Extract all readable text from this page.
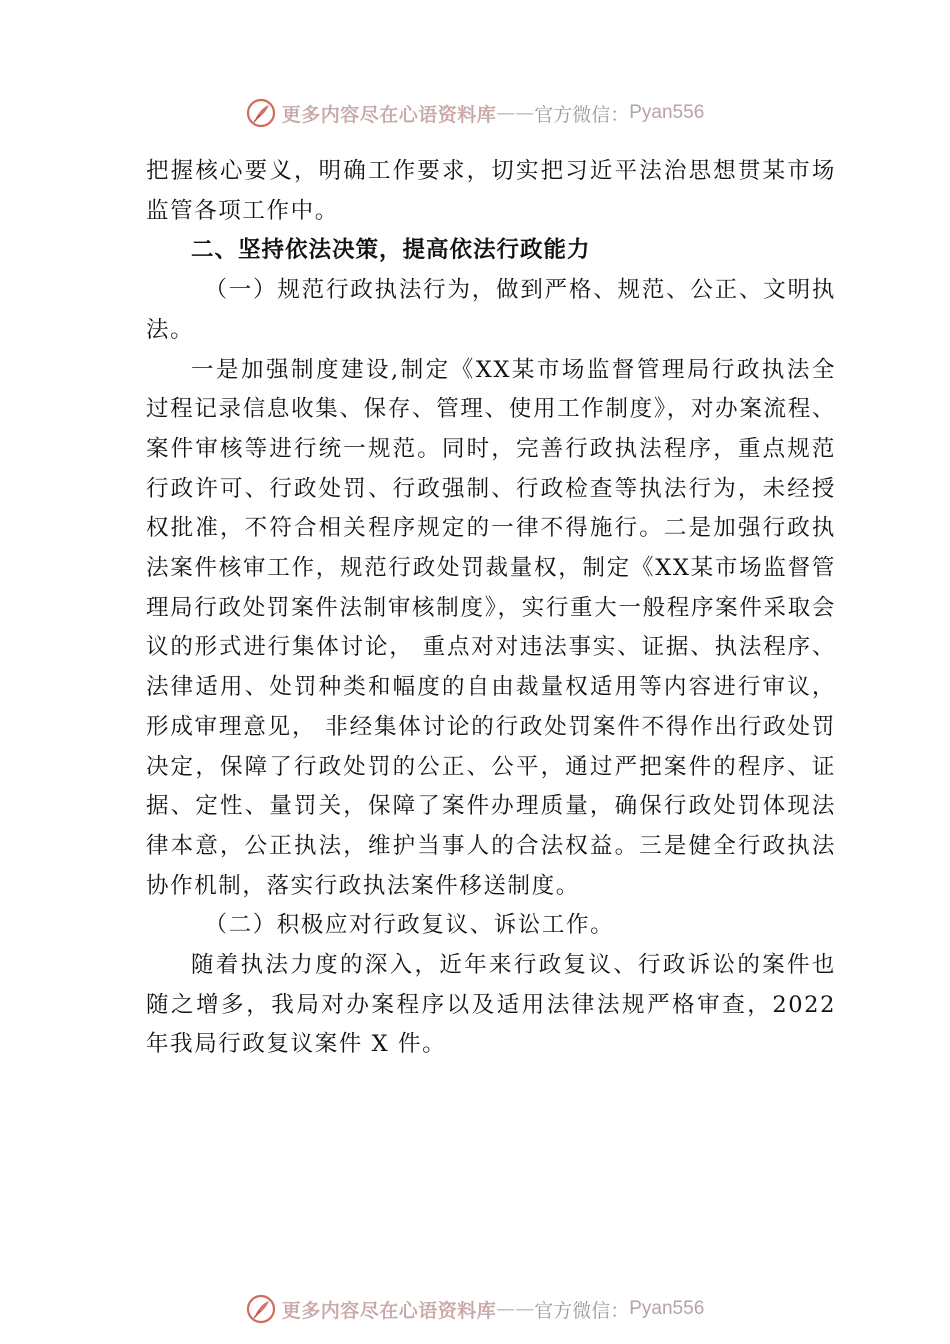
更多内容尽在心语资料库 —— 官方微信： Pyan556

把握核心要义，明确工作要求，切实把习近平法治思想贯某市场监管各项工作中。

二、坚持依法决策，提高依法行政能力

（一）规范行政执法行为，做到严格、规范、公正、文明执法。

一是加强制度建设,制定《XX某市场监督管理局行政执法全过程记录信息收集、保存、管理、使用工作制度》，对办案流程、案件审核等进行统一规范。同时，完善行政执法程序，重点规范行政许可、行政处罚、行政强制、行政检查等执法行为，未经授权批准，不符合相关程序规定的一律不得施行。二是加强行政执法案件核审工作，规范行政处罚裁量权，制定《XX某市场监督管理局行政处罚案件法制审核制度》，实行重大一般程序案件采取会议的形式进行集体讨论， 重点对对违法事实、证据、执法程序、法律适用、处罚种类和幅度的自由裁量权适用等内容进行审议，形成审理意见， 非经集体讨论的行政处罚案件不得作出行政处罚决定，保障了行政处罚的公正、公平，通过严把案件的程序、证据、定性、量罚关，保障了案件办理质量，确保行政处罚体现法律本意，公正执法，维护当事人的合法权益。三是健全行政执法协作机制，落实行政执法案件移送制度。

（二）积极应对行政复议、诉讼工作。

随着执法力度的深入，近年来行政复议、行政诉讼的案件也随之增多，我局对办案程序以及适用法律法规严格审查，2022 年我局行政复议案件 X 件。

更多内容尽在心语资料库 —— 官方微信： Pyan556
